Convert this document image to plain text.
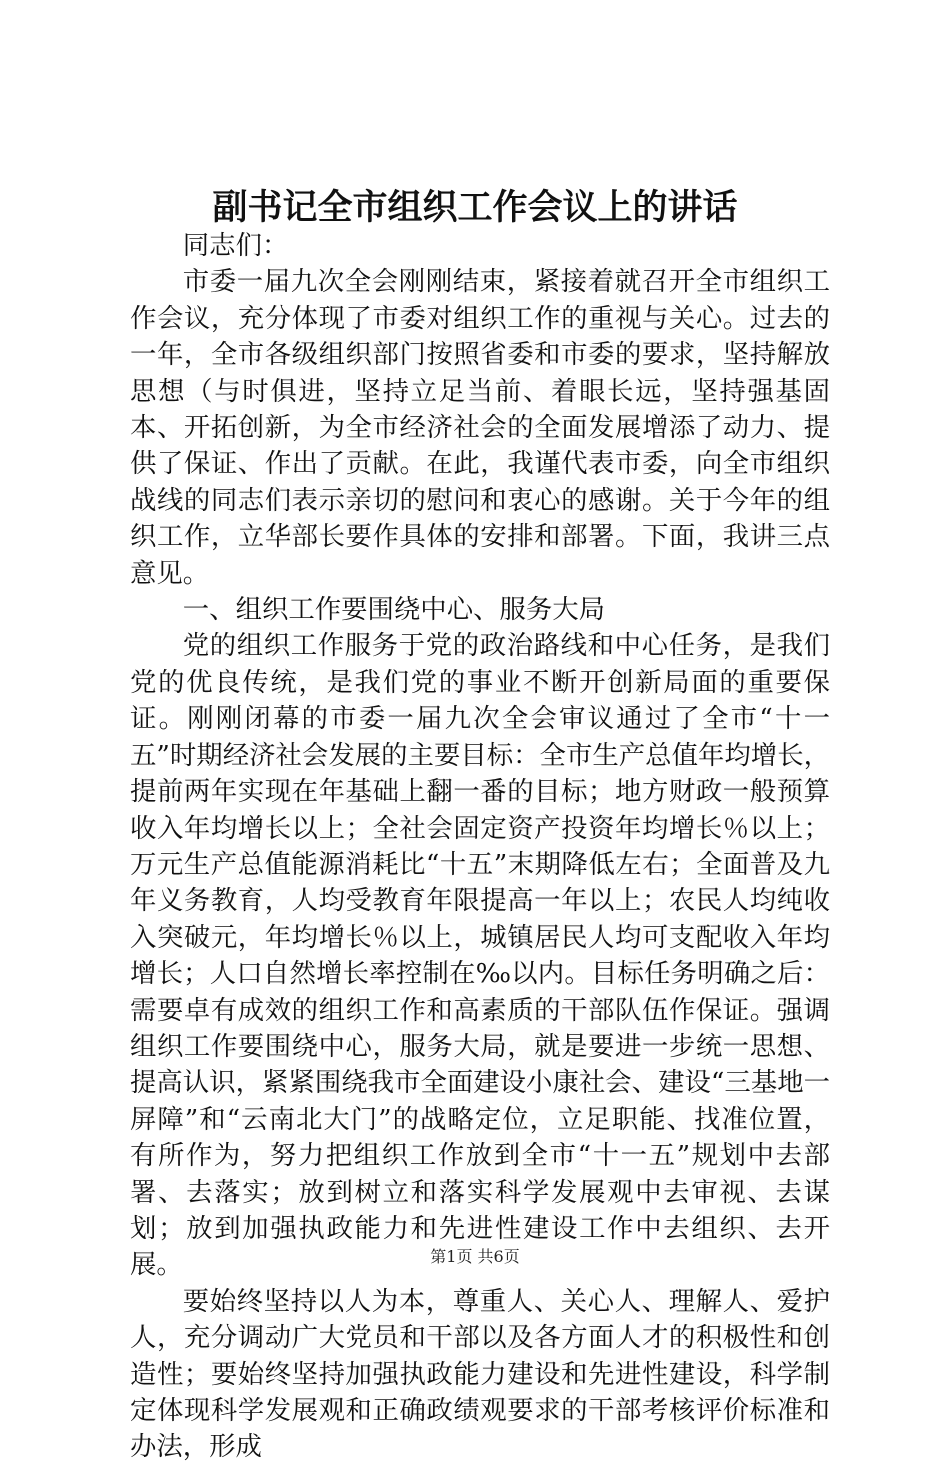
副书记全市组织工作会议上的讲话

同志们：

市委一届九次全会刚刚结束，紧接着就召开全市组织工作会议，充分体现了市委对组织工作的重视与关心。过去的一年，全市各级组织部门按照省委和市委的要求，坚持解放思想（与时俱进，坚持立足当前、着眼长远，坚持强基固本、开拓创新，为全市经济社会的全面发展增添了动力、提供了保证、作出了贡献。在此，我谨代表市委，向全市组织战线的同志们表示亲切的慰问和衷心的感谢。关于今年的组织工作，立华部长要作具体的安排和部署。下面，我讲三点意见。

一、组织工作要围绕中心、服务大局

党的组织工作服务于党的政治路线和中心任务，是我们党的优良传统，是我们党的事业不断开创新局面的重要保证。刚刚闭幕的市委一届九次全会审议通过了全市“十一五”时期经济社会发展的主要目标：全市生产总值年均增长，提前两年实现在年基础上翻一番的目标；地方财政一般预算收入年均增长以上；全社会固定资产投资年均增长％以上；万元生产总值能源消耗比“十五”末期降低左右；全面普及九年义务教育，人均受教育年限提高一年以上；农民人均纯收入突破元，年均增长％以上，城镇居民人均可支配收入年均增长；人口自然增长率控制在‰以内。目标任务明确之后：需要卓有成效的组织工作和高素质的干部队伍作保证。强调组织工作要围绕中心，服务大局，就是要进一步统一思想、提高认识，紧紧围绕我市全面建设小康社会、建设“三基地一屏障”和“云南北大门”的战略定位，立足职能、找准位置，有所作为，努力把组织工作放到全市“十一五”规划中去部署、去落实；放到树立和落实科学发展观中去审视、去谋划；放到加强执政能力和先进性建设工作中去组织、去开展。

要始终坚持以人为本，尊重人、关心人、理解人、爱护人，充分调动广大党员和干部以及各方面人才的积极性和创造性；要始终坚持加强执政能力建设和先进性建设，科学制定体现科学发展观和正确政绩观要求的干部考核评价标准和办法，形成

第1页 共6页
